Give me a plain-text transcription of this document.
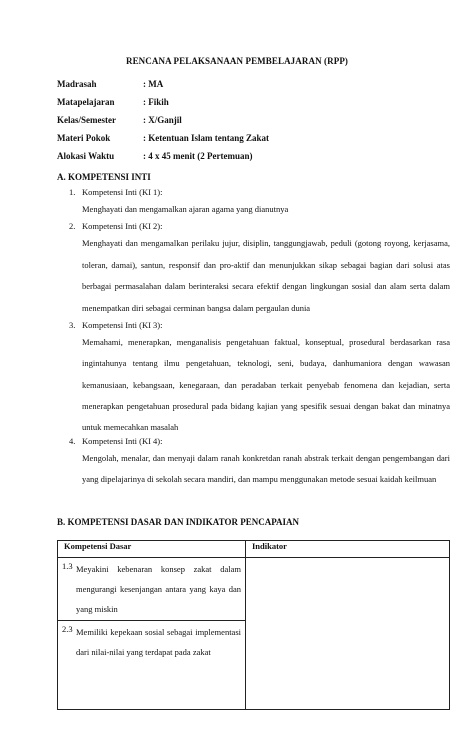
RENCANA PELAKSANAAN PEMBELAJARAN (RPP)
Madrasah	: MA
Matapelajaran	: Fikih
Kelas/Semester	: X/Ganjil
Materi Pokok	: Ketentuan Islam tentang Zakat
Alokasi Waktu	: 4 x 45 menit (2 Pertemuan)
A. KOMPETENSI INTI
1. Kompetensi Inti (KI 1):
Menghayati dan mengamalkan ajaran agama yang dianutnya
2. Kompetensi Inti (KI 2):
Menghayati dan mengamalkan perilaku jujur, disiplin, tanggungjawab, peduli (gotong royong, kerjasama, toleran, damai), santun, responsif dan pro-aktif dan menunjukkan sikap sebagai bagian dari solusi atas berbagai permasalahan dalam berinteraksi secara efektif dengan lingkungan sosial dan alam serta dalam menempatkan diri sebagai cerminan bangsa dalam pergaulan dunia
3. Kompetensi Inti (KI 3):
Memahami, menerapkan, menganalisis pengetahuan faktual, konseptual, prosedural berdasarkan rasa ingintahunya tentang ilmu pengetahuan, teknologi, seni, budaya, danhumaniora dengan wawasan kemanusiaan, kebangsaan, kenegaraan, dan peradaban terkait penyebab fenomena dan kejadian, serta menerapkan pengetahuan prosedural pada bidang kajian yang spesifik sesuai dengan bakat dan minatnya untuk memecahkan masalah
4. Kompetensi Inti (KI 4):
Mengolah, menalar, dan menyaji dalam ranah konkretdan ranah abstrak terkait dengan pengembangan dari yang dipelajarinya di sekolah secara mandiri, dan mampu menggunakan metode sesuai kaidah keilmuan
B. KOMPETENSI DASAR DAN INDIKATOR PENCAPAIAN
Kompetensi Dasar	Indikator

1.3 Meyakini kebenaran konsep zakat dalam mengurangi kesenjangan antara yang kaya dan yang miskin	

2.3 Memiliki kepekaan sosial sebagai implementasi dari nilai-nilai yang terdapat pada zakat	
